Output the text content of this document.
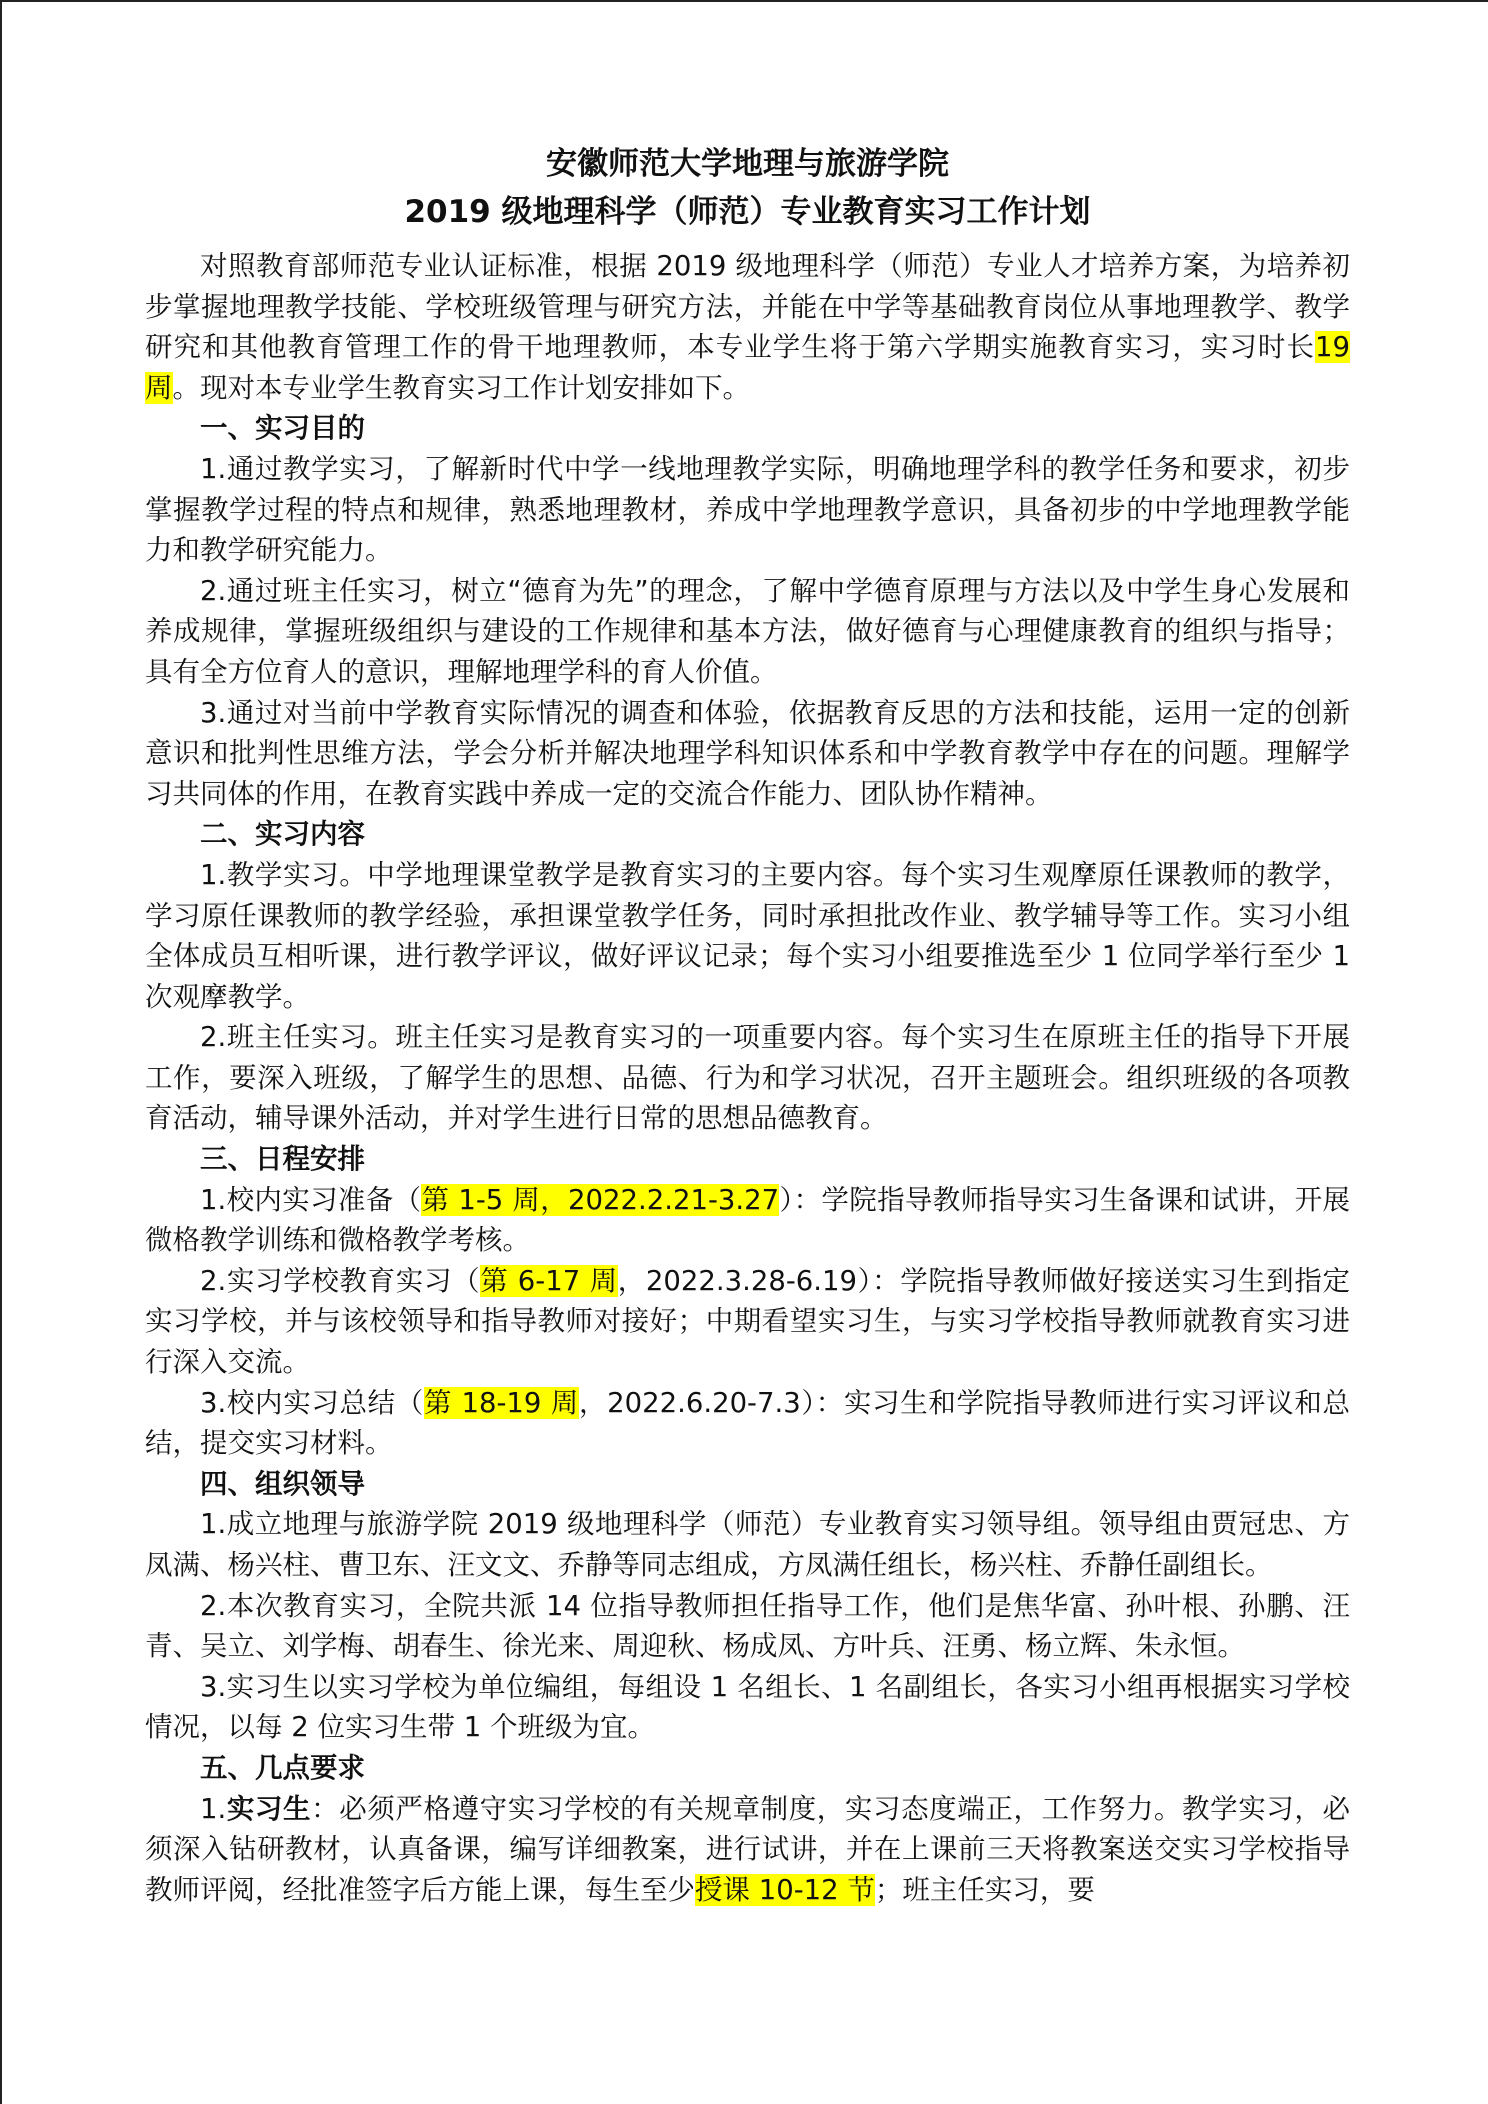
安徽师范大学地理与旅游学院
2019 级地理科学（师范）专业教育实习工作计划

对照教育部师范专业认证标准，根据 2019 级地理科学（师范）专业人才培养方案，为培养初步掌握地理教学技能、学校班级管理与研究方法，并能在中学等基础教育岗位从事地理教学、教学研究和其他教育管理工作的骨干地理教师，本专业学生将于第六学期实施教育实习，实习时长19 周。现对本专业学生教育实习工作计划安排如下。

一、实习目的

1.通过教学实习，了解新时代中学一线地理教学实际，明确地理学科的教学任务和要求，初步掌握教学过程的特点和规律，熟悉地理教材，养成中学地理教学意识，具备初步的中学地理教学能力和教学研究能力。

2.通过班主任实习，树立“德育为先”的理念，了解中学德育原理与方法以及中学生身心发展和养成规律，掌握班级组织与建设的工作规律和基本方法，做好德育与心理健康教育的组织与指导；具有全方位育人的意识，理解地理学科的育人价值。

3.通过对当前中学教育实际情况的调查和体验，依据教育反思的方法和技能，运用一定的创新意识和批判性思维方法，学会分析并解决地理学科知识体系和中学教育教学中存在的问题。理解学习共同体的作用，在教育实践中养成一定的交流合作能力、团队协作精神。

二、实习内容

1.教学实习。中学地理课堂教学是教育实习的主要内容。每个实习生观摩原任课教师的教学，学习原任课教师的教学经验，承担课堂教学任务，同时承担批改作业、教学辅导等工作。实习小组全体成员互相听课，进行教学评议，做好评议记录；每个实习小组要推选至少 1 位同学举行至少 1 次观摩教学。

2.班主任实习。班主任实习是教育实习的一项重要内容。每个实习生在原班主任的指导下开展工作，要深入班级，了解学生的思想、品德、行为和学习状况，召开主题班会。组织班级的各项教育活动，辅导课外活动，并对学生进行日常的思想品德教育。

三、日程安排

1.校内实习准备（第 1-5 周，2022.2.21-3.27）：学院指导教师指导实习生备课和试讲，开展微格教学训练和微格教学考核。

2.实习学校教育实习（第 6-17 周，2022.3.28-6.19）：学院指导教师做好接送实习生到指定实习学校，并与该校领导和指导教师对接好；中期看望实习生，与实习学校指导教师就教育实习进行深入交流。

3.校内实习总结（第 18-19 周，2022.6.20-7.3）：实习生和学院指导教师进行实习评议和总结，提交实习材料。

四、组织领导

1.成立地理与旅游学院 2019 级地理科学（师范）专业教育实习领导组。领导组由贾冠忠、方凤满、杨兴柱、曹卫东、汪文文、乔静等同志组成，方凤满任组长，杨兴柱、乔静任副组长。

2.本次教育实习，全院共派 14 位指导教师担任指导工作，他们是焦华富、孙叶根、孙鹏、汪青、吴立、刘学梅、胡春生、徐光来、周迎秋、杨成凤、方叶兵、汪勇、杨立辉、朱永恒。

3.实习生以实习学校为单位编组，每组设 1 名组长、1 名副组长，各实习小组再根据实习学校情况，以每 2 位实习生带 1 个班级为宜。

五、几点要求

1.实习生：必须严格遵守实习学校的有关规章制度，实习态度端正，工作努力。教学实习，必须深入钻研教材，认真备课，编写详细教案，进行试讲，并在上课前三天将教案送交实习学校指导教师评阅，经批准签字后方能上课，每生至少授课 10-12 节；班主任实习，要
